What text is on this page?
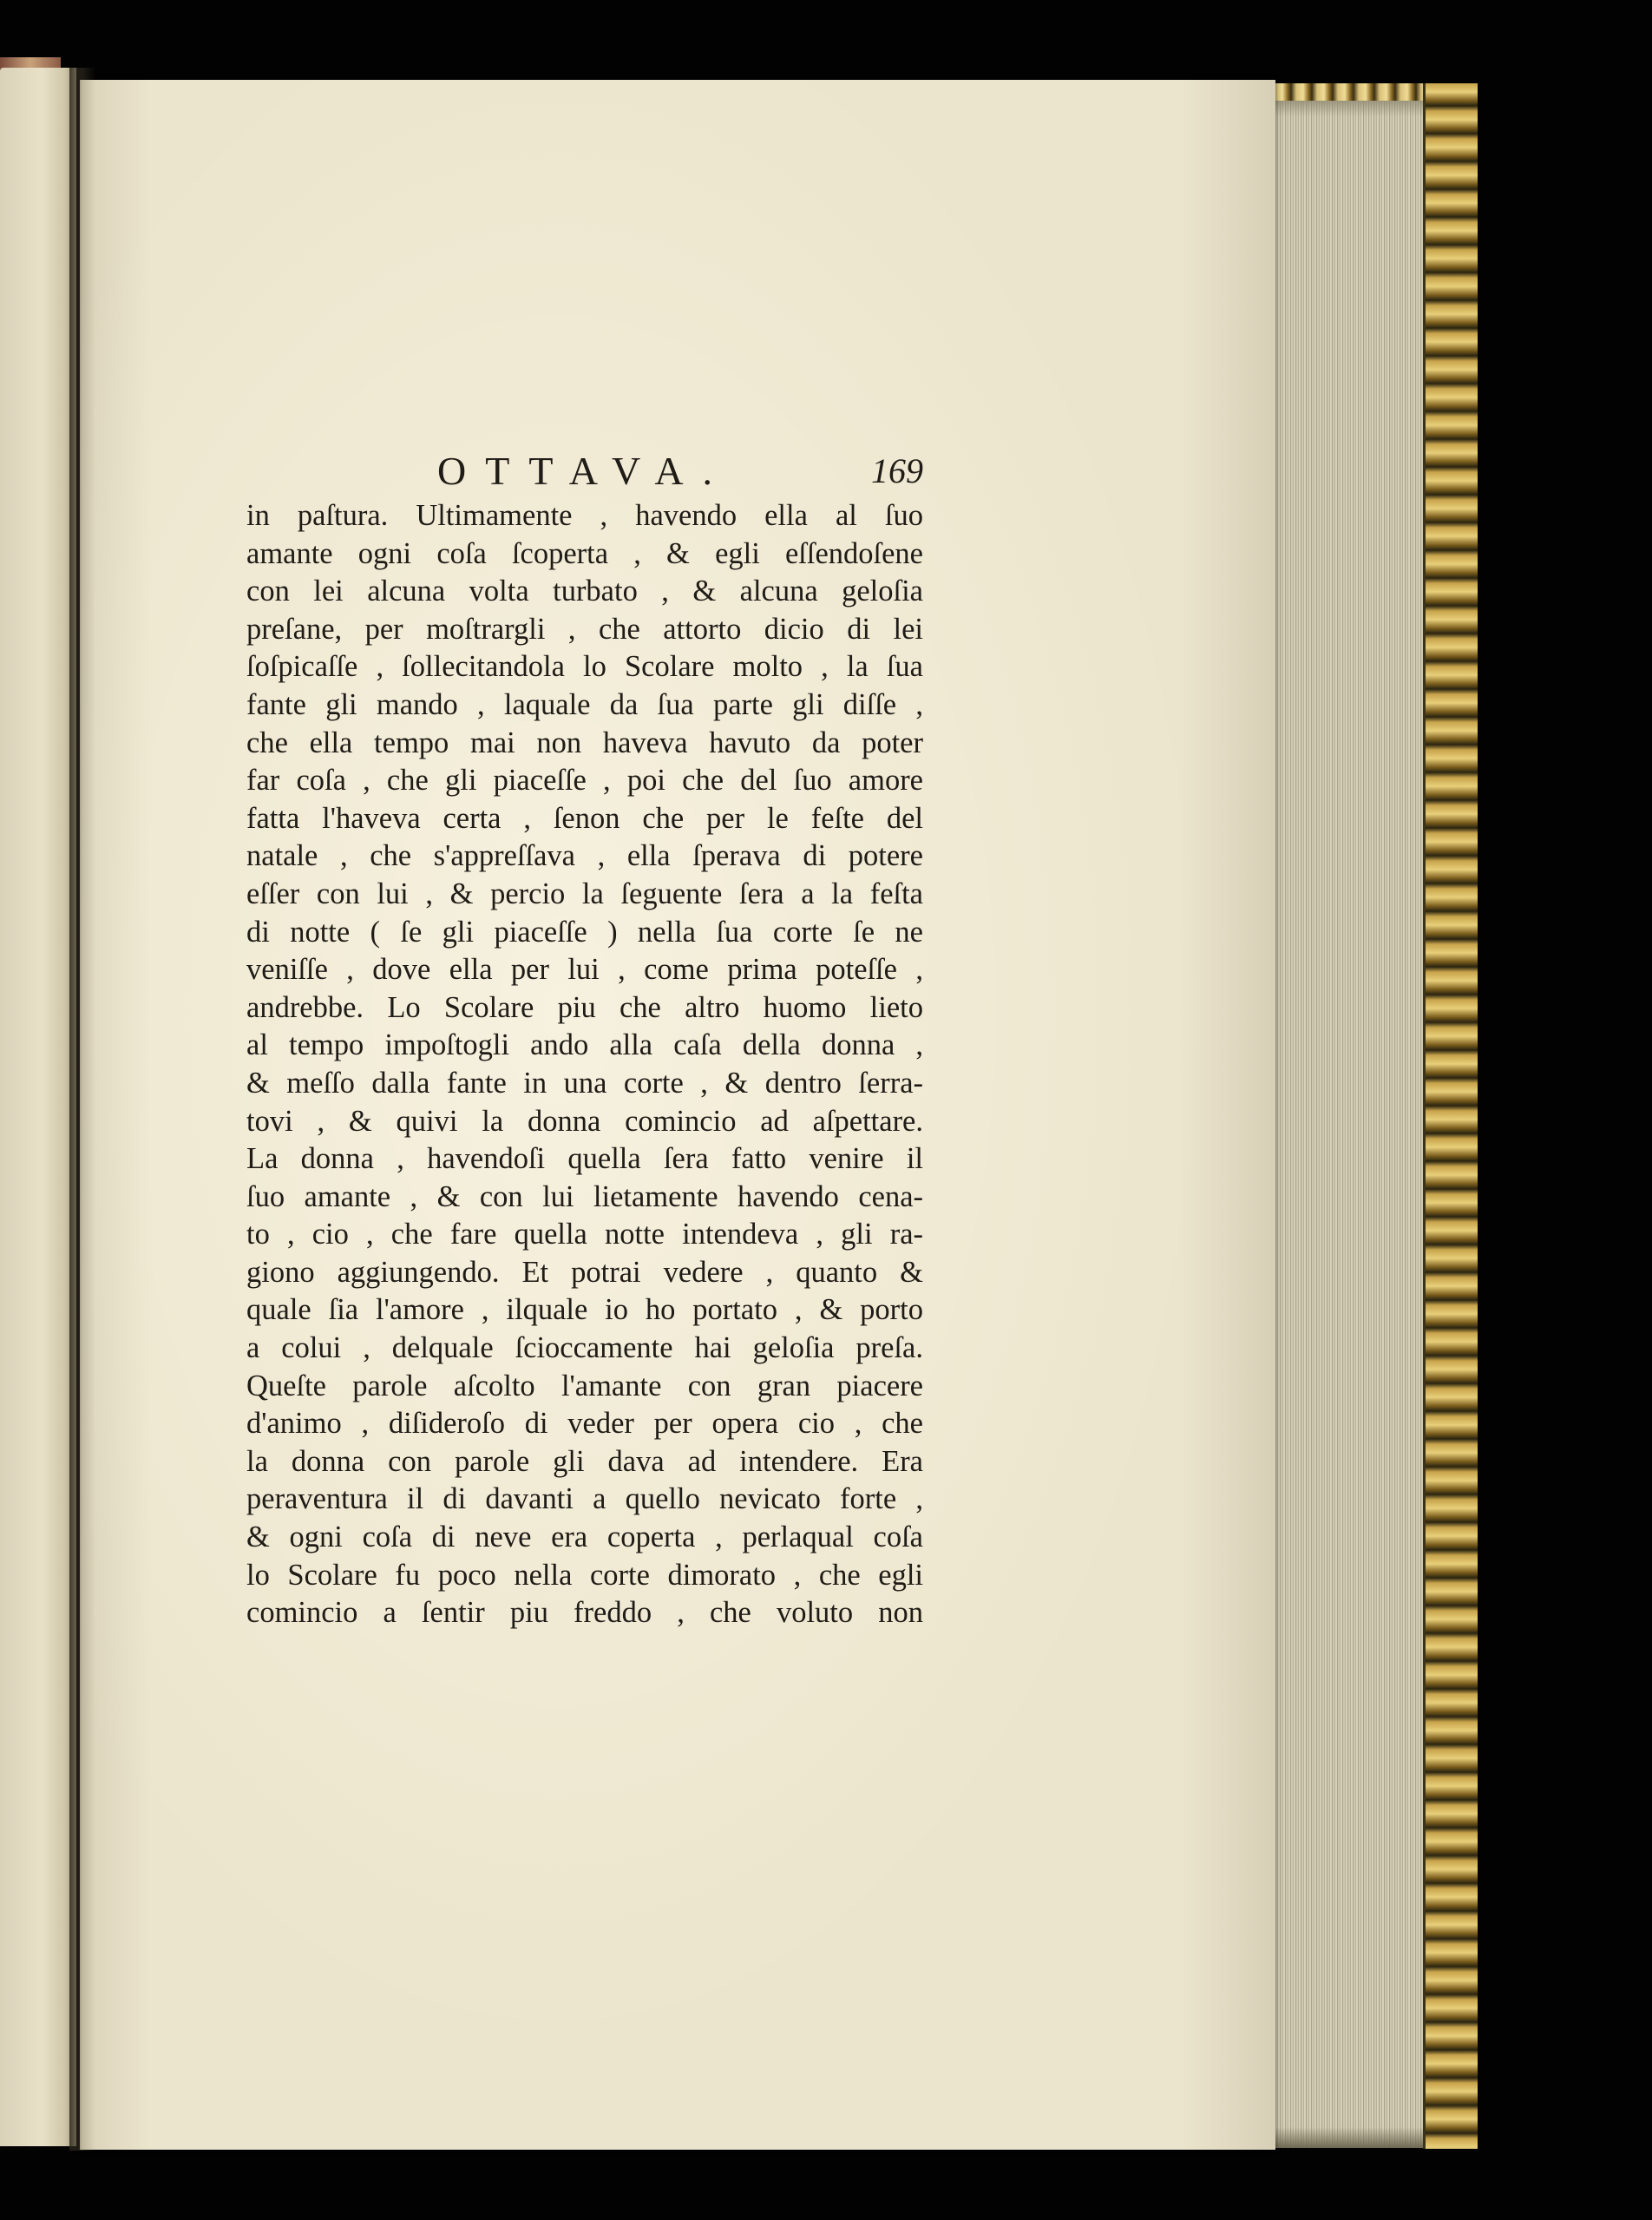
OTTAVA.	169
in paſtura. Ultimamente , havendo ella al ſuo
amante ogni coſa ſcoperta , & egli eſſendoſene
con lei alcuna volta turbato , & alcuna geloſia
preſane, per moſtrargli , che attorto dicio di lei
ſoſpicaſſe , ſollecitandola lo Scolare molto , la ſua
fante gli mando , laquale da ſua parte gli diſſe ,
che ella tempo mai non haveva havuto da poter
far coſa , che gli piaceſſe , poi che del ſuo amore
fatta l'haveva certa , ſenon che per le feſte del
natale , che s'appreſſava , ella ſperava di potere
eſſer con lui , & percio la ſeguente ſera a la feſta
di notte ( ſe gli piaceſſe ) nella ſua corte ſe ne
veniſſe , dove ella per lui , come prima poteſſe ,
andrebbe. Lo Scolare piu che altro huomo lieto
al tempo impoſtogli ando alla caſa della donna ,
& meſſo dalla fante in una corte , & dentro ſerra-
tovi , & quivi la donna comincio ad aſpettare.
La donna , havendoſi quella ſera fatto venire il
ſuo amante , & con lui lietamente havendo cena-
to , cio , che fare quella notte intendeva , gli ra-
giono aggiungendo. Et potrai vedere , quanto &
quale ſia l'amore , ilquale io ho portato , & porto
a colui , delquale ſcioccamente hai geloſia preſa.
Queſte parole aſcolto l'amante con gran piacere
d'animo , diſideroſo di veder per opera cio , che
la donna con parole gli dava ad intendere. Era
peraventura il di davanti a quello nevicato forte ,
& ogni coſa di neve era coperta , perlaqual coſa
lo Scolare fu poco nella corte dimorato , che egli
comincio a ſentir piu freddo , che voluto non
